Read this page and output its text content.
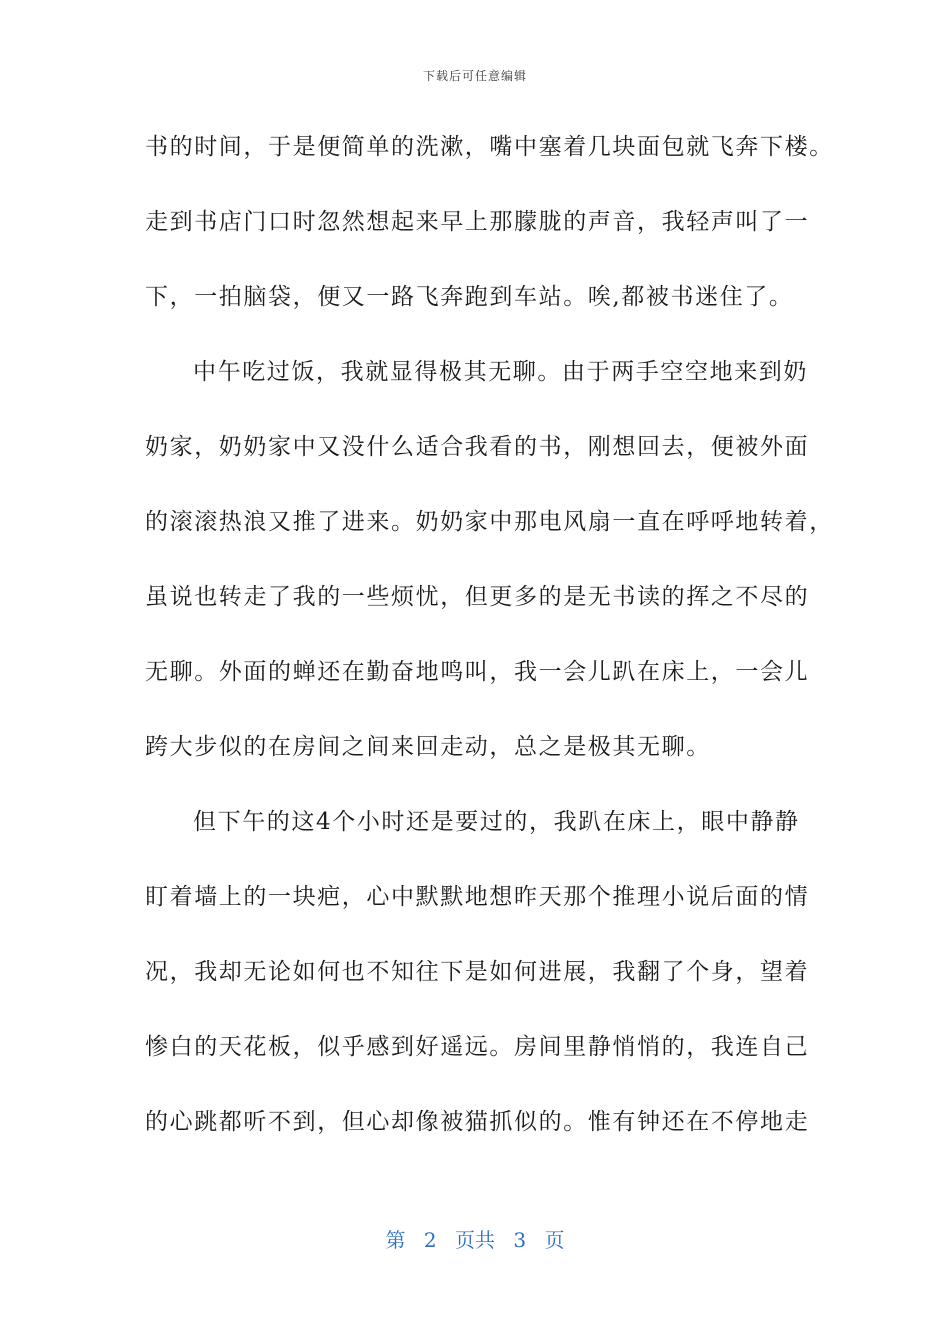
下载后可任意编辑
书的时间，于是便简单的洗漱，嘴中塞着几块面包就飞奔下楼。
走到书店门口时忽然想起来早上那朦胧的声音，我轻声叫了一
下，一拍脑袋，便又一路飞奔跑到车站。唉,都被书迷住了。
中午吃过饭，我就显得极其无聊。由于两手空空地来到奶
奶家，奶奶家中又没什么适合我看的书，刚想回去，便被外面
的滚滚热浪又推了进来。奶奶家中那电风扇一直在呼呼地转着，
虽说也转走了我的一些烦忧，但更多的是无书读的挥之不尽的
无聊。外面的蝉还在勤奋地鸣叫，我一会儿趴在床上，一会儿
跨大步似的在房间之间来回走动，总之是极其无聊。
但下午的这4个小时还是要过的，我趴在床上，眼中静静
盯着墙上的一块疤，心中默默地想昨天那个推理小说后面的情
况，我却无论如何也不知往下是如何进展，我翻了个身，望着
惨白的天花板，似乎感到好遥远。房间里静悄悄的，我连自己
的心跳都听不到，但心却像被猫抓似的。惟有钟还在不停地走
第 2 页共 3 页
